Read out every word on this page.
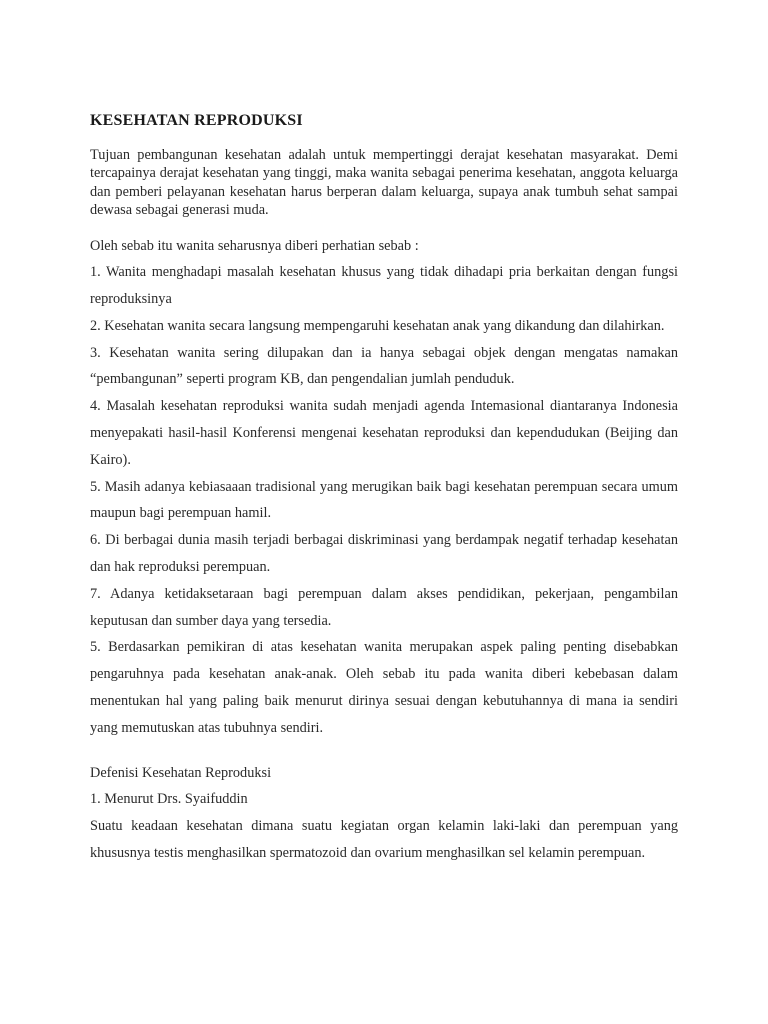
KESEHATAN REPRODUKSI

Tujuan pembangunan kesehatan adalah untuk mempertinggi derajat kesehatan masyarakat. Demi tercapainya derajat kesehatan yang tinggi, maka wanita sebagai penerima kesehatan, anggota keluarga dan pemberi pelayanan kesehatan harus berperan dalam keluarga, supaya anak tumbuh sehat sampai dewasa sebagai generasi muda.

Oleh sebab itu wanita seharusnya diberi perhatian sebab :

1. Wanita menghadapi masalah kesehatan khusus yang tidak dihadapi pria berkaitan dengan fungsi reproduksinya
2. Kesehatan wanita secara langsung mempengaruhi kesehatan anak yang dikandung dan dilahirkan.
3. Kesehatan wanita sering dilupakan dan ia hanya sebagai objek dengan mengatas namakan “pembangunan” seperti program KB, dan pengendalian jumlah penduduk.
4. Masalah kesehatan reproduksi wanita sudah menjadi agenda Intemasional diantaranya Indonesia menyepakati hasil-hasil Konferensi mengenai kesehatan reproduksi dan kependudukan (Beijing dan Kairo).
5. Masih adanya kebiasaaan tradisional yang merugikan baik bagi kesehatan perempuan secara umum maupun bagi perempuan hamil.
6. Di berbagai dunia masih terjadi berbagai diskriminasi yang berdampak negatif terhadap kesehatan dan hak reproduksi perempuan.
7. Adanya ketidaksetaraan bagi perempuan dalam akses pendidikan, pekerjaan, pengambilan keputusan dan sumber daya yang tersedia.
5. Berdasarkan pemikiran di atas kesehatan wanita merupakan aspek paling penting disebabkan pengaruhnya pada kesehatan anak-anak. Oleh sebab itu pada wanita diberi kebebasan dalam menentukan hal yang paling baik menurut dirinya sesuai dengan kebutuhannya di mana ia sendiri yang memutuskan atas tubuhnya sendiri.

Defenisi Kesehatan Reproduksi

1. Menurut Drs. Syaifuddin

Suatu keadaan kesehatan dimana suatu kegiatan organ kelamin laki-laki dan perempuan yang khususnya testis menghasilkan spermatozoid dan ovarium menghasilkan sel kelamin perempuan.
